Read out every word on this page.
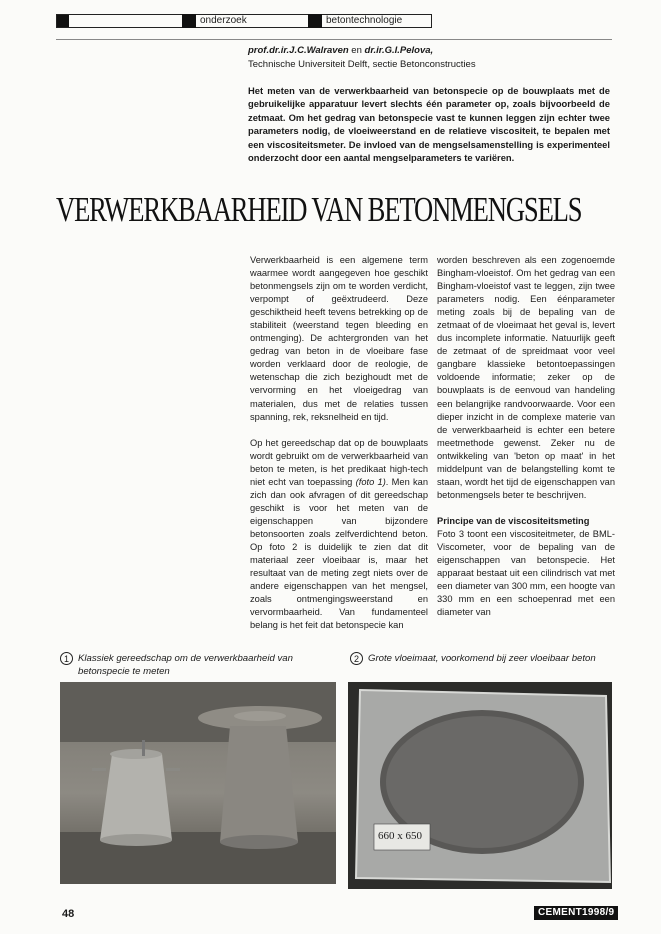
onderzoek	betontechnologie
prof.dr.ir.J.C.Walraven en dr.ir.G.I.Pelova,
Technische Universiteit Delft, sectie Betonconstructies
Het meten van de verwerkbaarheid van betonspecie op de bouwplaats met de gebruikelijke apparatuur levert slechts één parameter op, zoals bijvoorbeeld de zetmaat. Om het gedrag van betonspecie vast te kunnen leggen zijn echter twee parameters nodig, de vloeiweerstand en de relatieve viscositeit, te bepalen met een viscositeitsmeter. De invloed van de mengselsamenstelling is experimenteel onderzocht door een aantal mengselparameters te variëren.
VERWERKBAARHEID VAN BETONMENGSELS

Verwerkbaarheid is een algemene term waarmee wordt aangegeven hoe geschikt betonmengsels zijn om te worden verdicht, verpompt of geëxtrudeerd. Deze geschiktheid heeft tevens betrekking op de stabiliteit (weerstand tegen bleeding en ontmenging). De achtergronden van het gedrag van beton in de vloeibare fase worden verklaard door de reologie, de wetenschap die zich bezighoudt met de vervorming en het vloeigedrag van materialen, dus met de relaties tussen spanning, rek, reksnelheid en tijd.

Op het gereedschap dat op de bouwplaats wordt gebruikt om de verwerkbaarheid van beton te meten, is het predikaat high-tech niet echt van toepassing (foto 1). Men kan zich dan ook afvragen of dit gereedschap geschikt is voor het meten van de eigenschappen van bijzondere betonsoorten zoals zelfverdichtend beton. Op foto 2 is duidelijk te zien dat dit materiaal zeer vloeibaar is, maar het resultaat van de meting zegt niets over de andere eigenschappen van het mengsel, zoals ontmengingsweerstand en vervormbaarheid. Van fundamenteel belang is het feit dat betonspecie kan

worden beschreven als een zogenoemde Bingham-vloeistof. Om het gedrag van een Bingham-vloeistof vast te leggen, zijn twee parameters nodig. Een éénparameter meting zoals bij de bepaling van de zetmaat of de vloeimaat het geval is, levert dus incomplete informatie. Natuurlijk geeft de zetmaat of de spreidmaat voor veel gangbare klassieke betontoepassingen voldoende informatie; zeker op de bouwplaats is de eenvoud van handeling een belangrijke randvoorwaarde. Voor een dieper inzicht in de complexe materie van de verwerkbaarheid is echter een betere meetmethode gewenst. Zeker nu de ontwikkeling van 'beton op maat' in het middelpunt van de belangstelling komt te staan, wordt het tijd de eigenschappen van betonmengsels beter te beschrijven.

Principe van de viscositeitsmeting

Foto 3 toont een viscositeitmeter, de BML-Viscometer, voor de bepaling van de eigenschappen van betonspecie. Het apparaat bestaat uit een cilindrisch vat met een diameter van 300 mm, een hoogte van 330 mm en een schoepenrad met een diameter van

1 Klassiek gereedschap om de verwerkbaarheid van betonspecie te meten
2 Grote vloeimaat, voorkomend bij zeer vloeibaar beton
660 x 650
48	CEMENT1998/9
